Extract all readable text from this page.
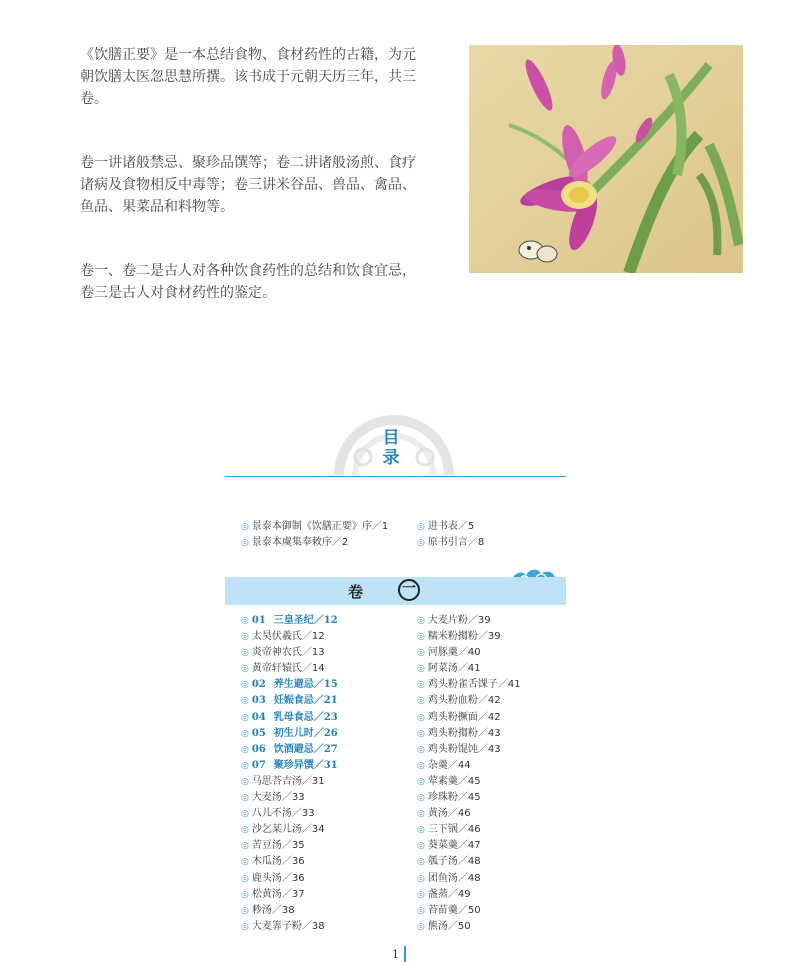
《饮膳正要》是一本总结食物、食材药性的古籍，为元朝饮膳太医忽思慧所撰。该书成于元朝天历三年，共三卷。

卷一讲诸般禁忌、聚珍品馔等；卷二讲诸般汤煎、食疗诸病及食物相反中毒等；卷三讲米谷品、兽品、禽品、鱼品、果菜品和料物等。

卷一、卷二是古人对各种饮食药性的总结和饮食宜忌，卷三是古人对食材药性的鉴定。

目录
◎ 景泰本御制《饮膳正要》序／1
◎ 景泰本虞集奉敕序／2
◎ 进书表／5
◎ 原书引言／8
卷	一
◎ 01 三皇圣纪／12
◎ 太昊伏羲氏／12
◎ 炎帝神农氏／13
◎ 黄帝轩辕氏／14
◎ 02 养生避忌／15
◎ 03 妊娠食忌／21
◎ 04 乳母食忌／23
◎ 05 初生儿时／26
◎ 06 饮酒避忌／27
◎ 07 聚珍异馔／31
◎ 马思荅吉汤／31
◎ 大麦汤／33
◎ 八儿不汤／33
◎ 沙乞某儿汤／34
◎ 苦豆汤／35
◎ 木瓜汤／36
◎ 鹿头汤／36
◎ 松黄汤／37
◎ 粆汤／38
◎ 大麦筭子粉／38
◎ 大麦片粉／39
◎ 糯米粉搊粉／39
◎ 河豚羹／40
◎ 阿菜汤／41
◎ 鸡头粉雀舌馃子／41
◎ 鸡头粉血粉／42
◎ 鸡头粉撅面／42
◎ 鸡头粉搊粉／43
◎ 鸡头粉馄饨／43
◎ 杂羹／44
◎ 荤素羹／45
◎ 珍珠粉／45
◎ 黄汤／46
◎ 三下锅／46
◎ 葵菜羹／47
◎ 瓠子汤／48
◎ 团鱼汤／48
◎ 盏蒸／49
◎ 苔苗羹／50
◎ 熊汤／50
1
